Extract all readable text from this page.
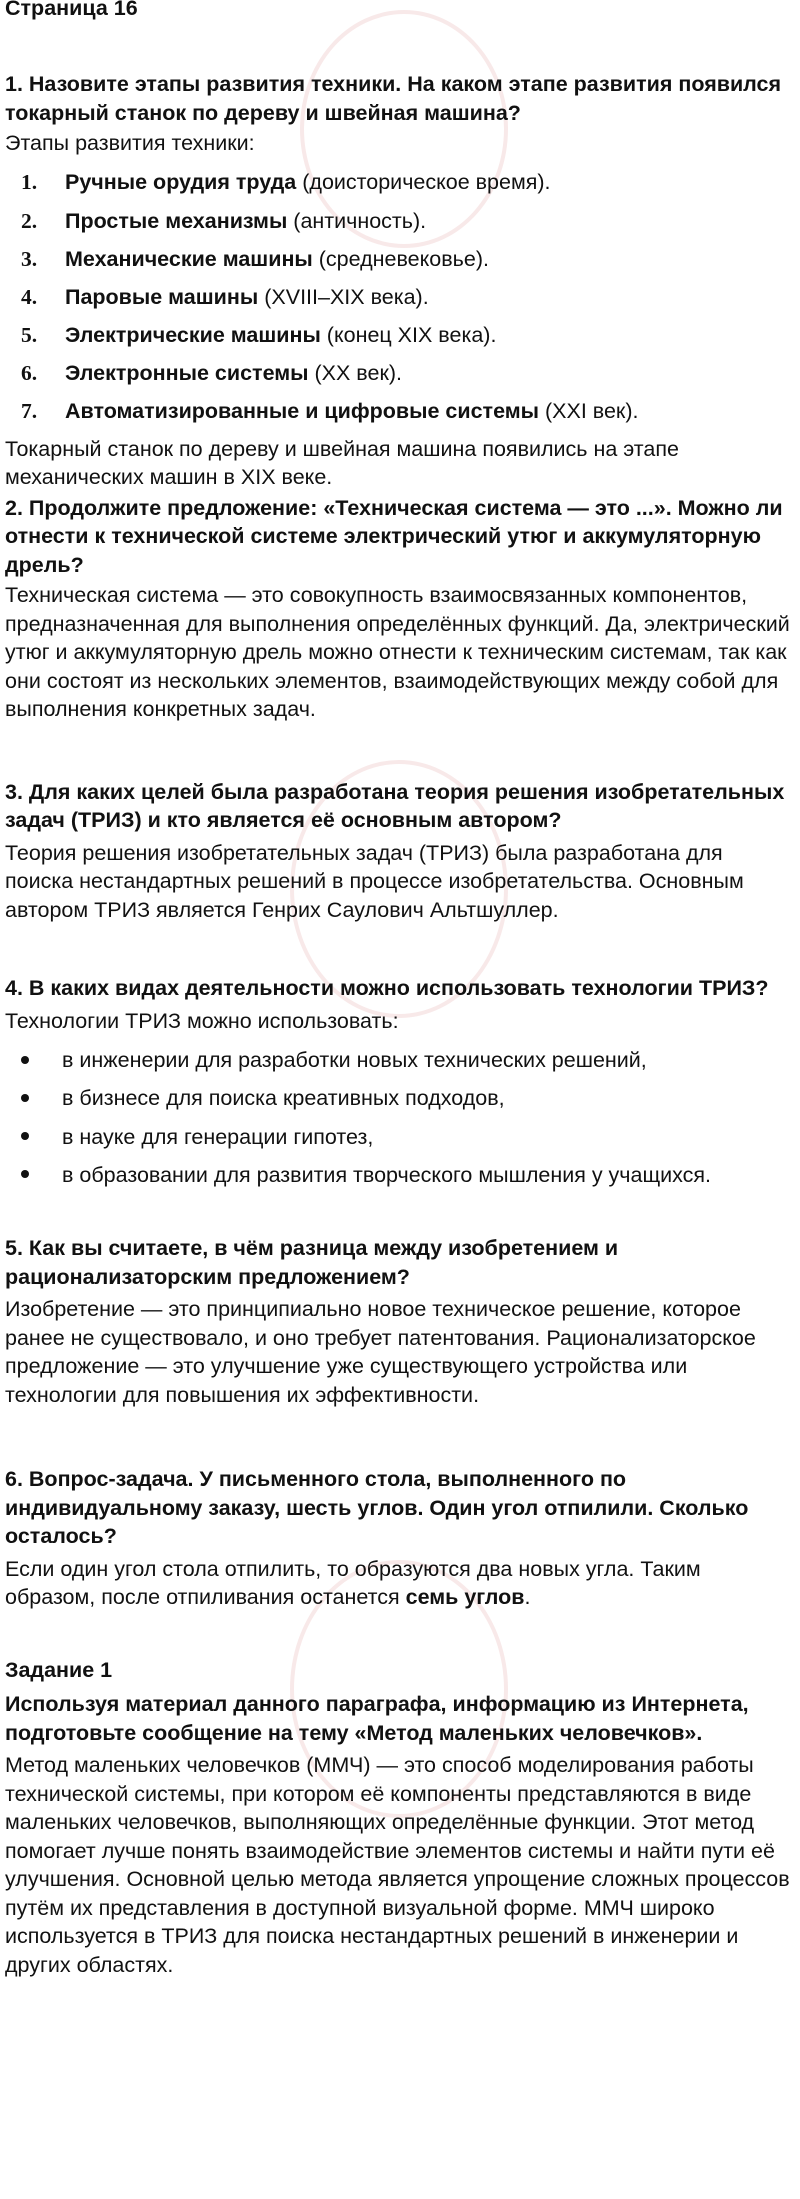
Страница 16

1. Назовите этапы развития техники. На каком этапе развития появился токарный станок по дереву и швейная машина?

Этапы развития техники:

1.	Ручные орудия труда (доисторическое время).
2.	Простые механизмы (античность).
3.	Механические машины (средневековье).
4.	Паровые машины (XVIII–XIX века).
5.	Электрические машины (конец XIX века).
6.	Электронные системы (XX век).
7.	Автоматизированные и цифровые системы (XXI век).

Токарный станок по дереву и швейная машина появились на этапе механических машин в XIX веке.

2. Продолжите предложение: «Техническая система — это ...». Можно ли отнести к технической системе электрический утюг и аккумуляторную дрель?

Техническая система — это совокупность взаимосвязанных компонентов, предназначенная для выполнения определённых функций. Да, электрический утюг и аккумуляторную дрель можно отнести к техническим системам, так как они состоят из нескольких элементов, взаимодействующих между собой для выполнения конкретных задач.

3. Для каких целей была разработана теория решения изобретательных задач (ТРИЗ) и кто является её основным автором?

Теория решения изобретательных задач (ТРИЗ) была разработана для поиска нестандартных решений в процессе изобретательства. Основным автором ТРИЗ является Генрих Саулович Альтшуллер.

4. В каких видах деятельности можно использовать технологии ТРИЗ?

Технологии ТРИЗ можно использовать:

в инженерии для разработки новых технических решений,
в бизнесе для поиска креативных подходов,
в науке для генерации гипотез,
в образовании для развития творческого мышления у учащихся.

5. Как вы считаете, в чём разница между изобретением и рационализаторским предложением?

Изобретение — это принципиально новое техническое решение, которое ранее не существовало, и оно требует патентования. Рационализаторское предложение — это улучшение уже существующего устройства или технологии для повышения их эффективности.

6. Вопрос-задача. У письменного стола, выполненного по индивидуальному заказу, шесть углов. Один угол отпилили. Сколько осталось?

Если один угол стола отпилить, то образуются два новых угла. Таким образом, после отпиливания останется семь углов.

Задание 1

Используя материал данного параграфа, информацию из Интернета, подготовьте сообщение на тему «Метод маленьких человечков».

Метод маленьких человечков (ММЧ) — это способ моделирования работы технической системы, при котором её компоненты представляются в виде маленьких человечков, выполняющих определённые функции. Этот метод помогает лучше понять взаимодействие элементов системы и найти пути её улучшения. Основной целью метода является упрощение сложных процессов путём их представления в доступной визуальной форме. ММЧ широко используется в ТРИЗ для поиска нестандартных решений в инженерии и других областях.
